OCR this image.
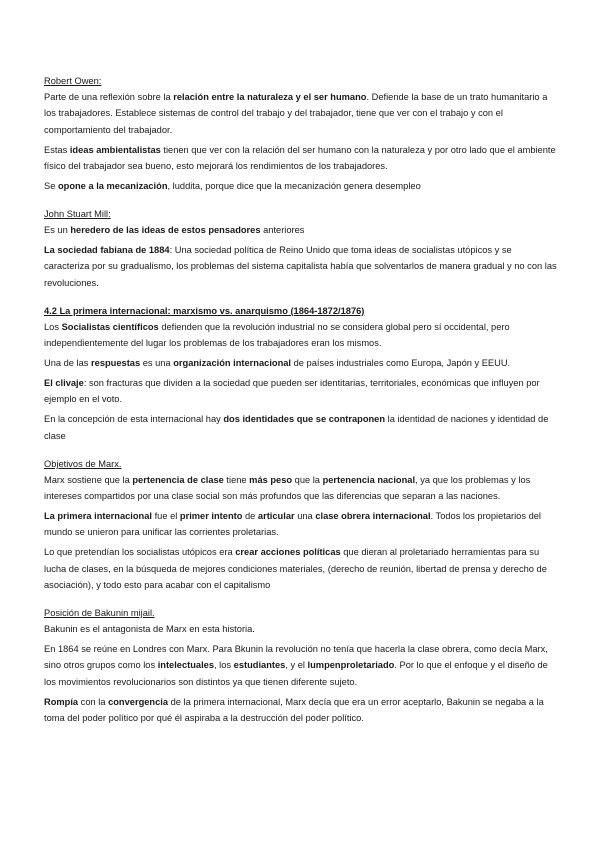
Robert Owen:

Parte de una reflexión sobre la relación entre la naturaleza y el ser humano. Defiende la base de un trato humanitario a los trabajadores. Establece sistemas de control del trabajo y del trabajador, tiene que ver con el trabajo y con el comportamiento del trabajador.

Estas ideas ambientalistas tienen que ver con la relación del ser humano con la naturaleza y por otro lado que el ambiente físico del trabajador sea bueno, esto mejorará los rendimientos de los trabajadores.

Se opone a la mecanización, luddita, porque dice que la mecanización genera desempleo

John Stuart Mill:

Es un heredero de las ideas de estos pensadores anteriores

La sociedad fabiana de 1884: Una sociedad política de Reino Unido que toma ideas de socialistas utópicos y se caracteriza por su gradualismo, los problemas del sistema capitalista había que solventarlos de manera gradual y no con las revoluciones.

4.2 La primera internacional: marxismo vs. anarquismo (1864-1872/1876)

Los Socialistas científicos defienden que la revolución industrial no se considera global pero sí occidental, pero independientemente del lugar los problemas de los trabajadores eran los mismos.

Una de las respuestas es una organización internacional de países industriales como Europa, Japón y EEUU.

El clivaje: son fracturas que dividen a la sociedad que pueden ser identitarias, territoriales, económicas que influyen por ejemplo en el voto.

En la concepción de esta internacional hay dos identidades que se contraponen la identidad de naciones y identidad de clase

Objetivos de Marx.

Marx sostiene que la pertenencia de clase tiene más peso que la pertenencia nacional, ya que los problemas y los intereses compartidos por una clase social son más profundos que las diferencias que separan a las naciones.

La primera internacional fue el primer intento de articular una clase obrera internacional. Todos los propietarios del mundo se unieron para unificar las corrientes proletarias.

Lo que pretendían los socialistas utópicos era crear acciones políticas que dieran al proletariado herramientas para su lucha de clases, en la búsqueda de mejores condiciones materiales, (derecho de reunión, libertad de prensa y derecho de asociación), y todo esto para acabar con el capitalismo

Posición de Bakunin mijail.

Bakunin es el antagonista de Marx en esta historia.

En 1864 se reúne en Londres con Marx. Para Bkunin la revolución no tenía que hacerla la clase obrera, como decía Marx, sino otros grupos como los intelectuales, los estudiantes, y el lumpenproletariado. Por lo que el enfoque y el diseño de los movimientos revolucionarios son distintos ya que tienen diferente sujeto.

Rompía con la convergencia de la primera internacional, Marx decía que era un error aceptarlo, Bakunin se negaba a la toma del poder político por qué él aspiraba a la destrucción del poder político.
